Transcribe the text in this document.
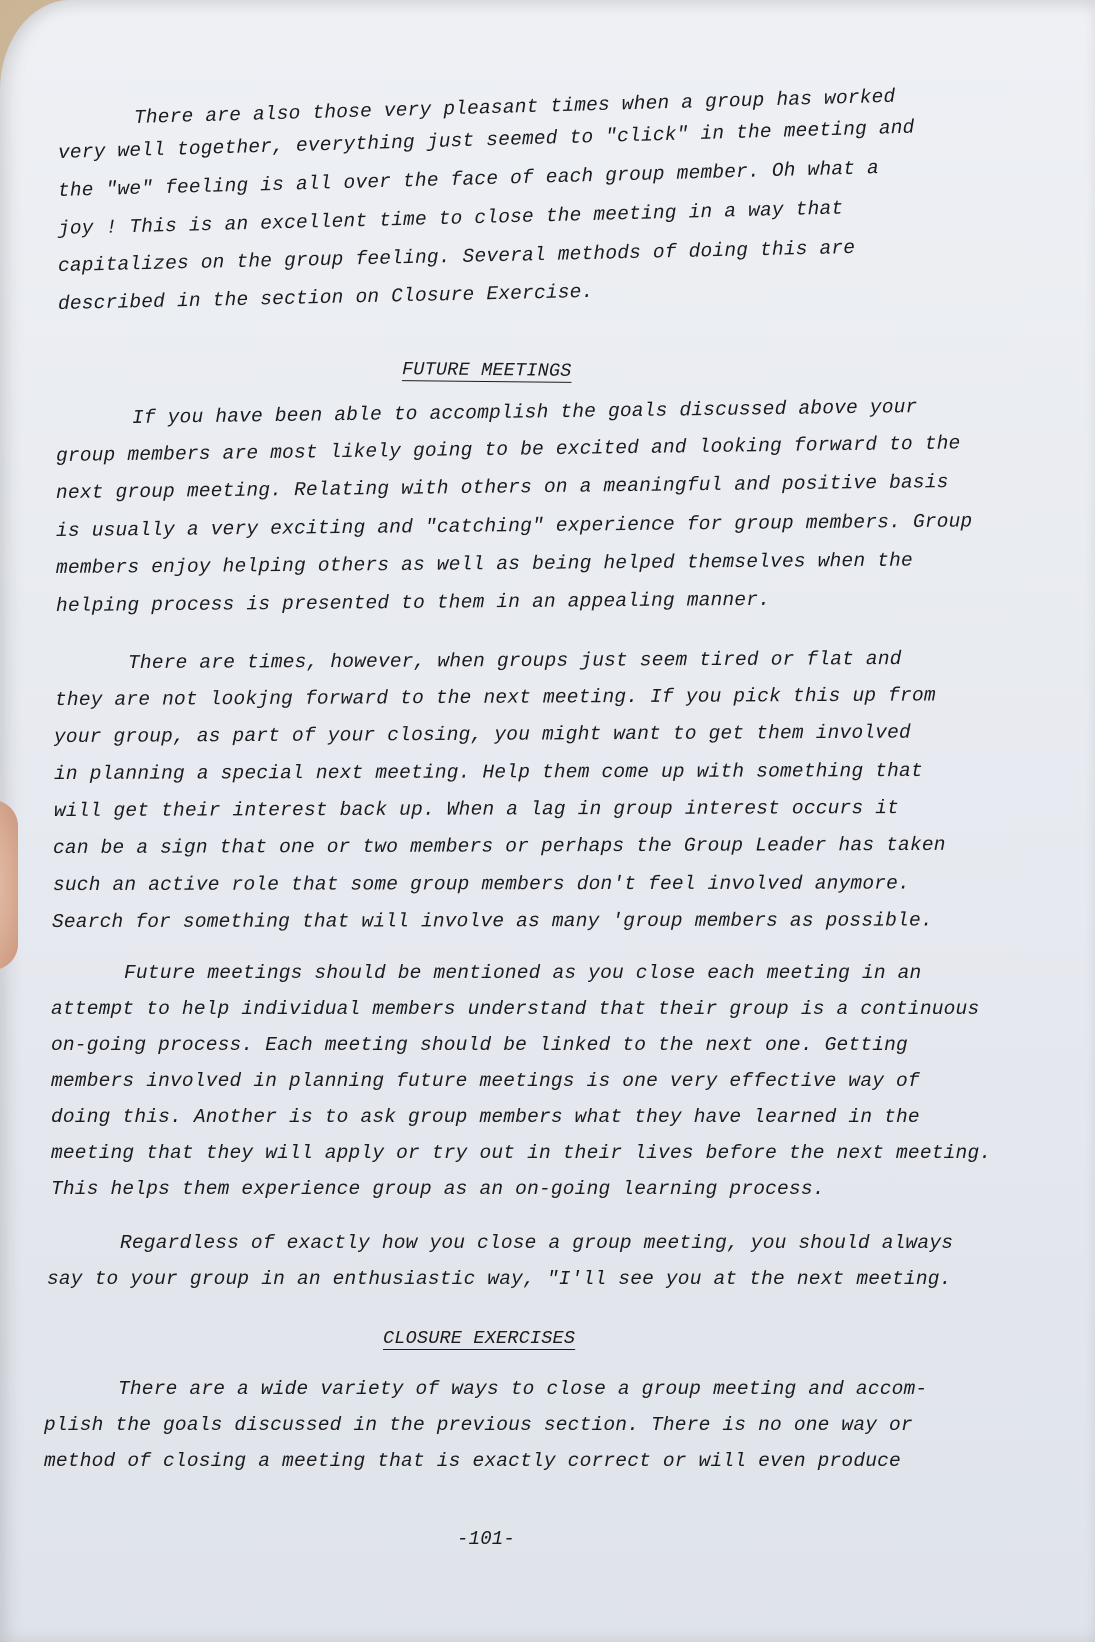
There are also those very pleasant times when a group has worked
very well together, everything just seemed to "click" in the meeting and
the "we" feeling is all over the face of each group member. Oh what a
joy ! This is an excellent time to close the meeting in a way that
capitalizes on the group feeling. Several methods of doing this are
described in the section on Closure Exercise.
FUTURE MEETINGS
If you have been able to accomplish the goals discussed above your
group members are most likely going to be excited and looking forward to the
next group meeting. Relating with others on a meaningful and positive basis
is usually a very exciting and "catching" experience for group members. Group
members enjoy helping others as well as being helped themselves when the
helping process is presented to them in an appealing manner.
There are times, however, when groups just seem tired or flat and
they are not lookjng forward to the next meeting. If you pick this up from
your group, as part of your closing, you might want to get them involved
in planning a special next meeting. Help them come up with something that
will get their interest back up. When a lag in group interest occurs it
can be a sign that one or two members or perhaps the Group Leader has taken
such an active role that some group members don't feel involved anymore.
Search for something that will involve as many 'group members as possible.
Future meetings should be mentioned as you close each meeting in an
attempt to help individual members understand that their group is a continuous
on-going process. Each meeting should be linked to the next one. Getting
members involved in planning future meetings is one very effective way of
doing this. Another is to ask group members what they have learned in the
meeting that they will apply or try out in their lives before the next meeting.
This helps them experience group as an on-going learning process.
Regardless of exactly how you close a group meeting, you should always
say to your group in an enthusiastic way, "I'll see you at the next meeting.
CLOSURE EXERCISES
There are a wide variety of ways to close a group meeting and accom-
plish the goals discussed in the previous section. There is no one way or
method of closing a meeting that is exactly correct or will even produce
-101-
